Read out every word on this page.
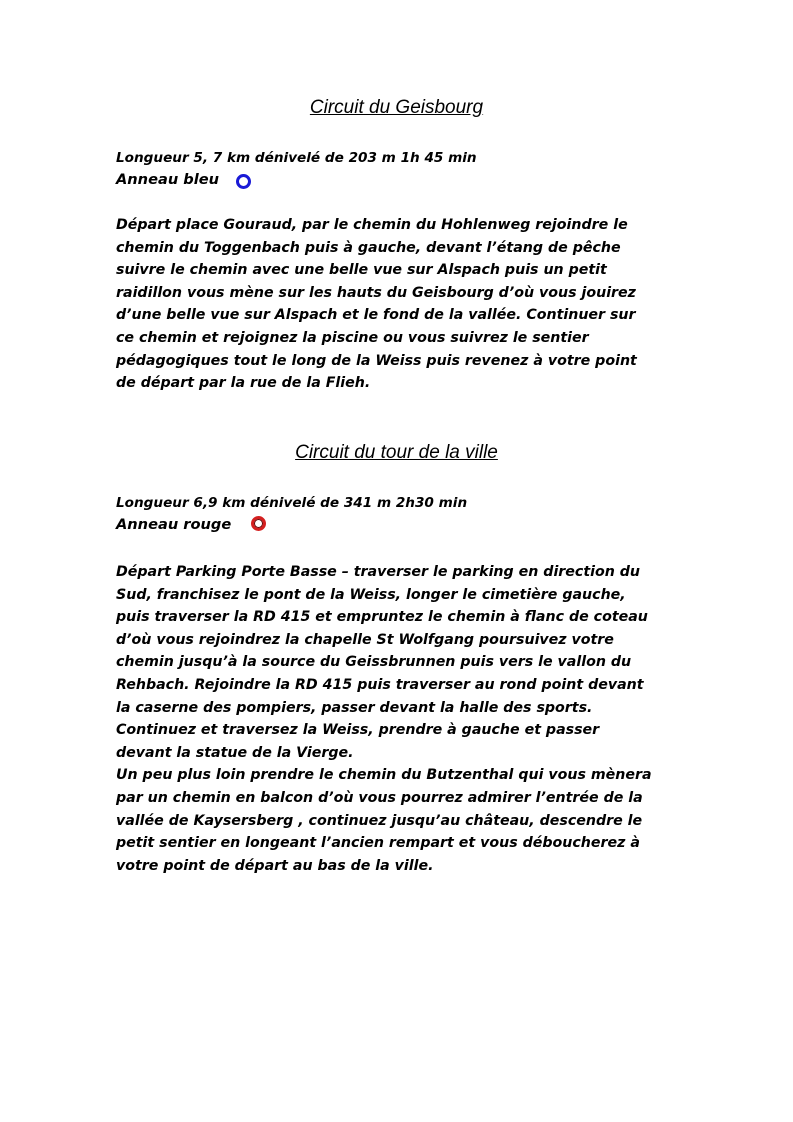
Circuit du Geisbourg
Longueur 5, 7 km dénivelé de 203 m 1h 45 min
Anneau bleu
Départ place Gouraud, par le chemin du Hohlenweg rejoindre le
chemin du Toggenbach puis à gauche, devant l’étang de pêche
suivre le chemin avec une belle vue sur Alspach puis un petit
raidillon vous mène sur les hauts du Geisbourg d’où vous jouirez
d’une belle vue sur Alspach et le fond de la vallée. Continuer sur
ce chemin et rejoignez la piscine ou vous suivrez le sentier
pédagogiques tout le long de la Weiss puis revenez à votre point
de départ par la rue de la Flieh.
Circuit du tour de la ville
Longueur 6,9 km dénivelé de 341 m 2h30 min
Anneau rouge
Départ Parking Porte Basse – traverser le parking en direction du
Sud, franchisez le pont de la Weiss, longer le cimetière gauche,
puis traverser la RD 415 et empruntez le chemin à flanc de coteau
d’où vous rejoindrez la chapelle St Wolfgang poursuivez votre
chemin jusqu’à la source du Geissbrunnen puis vers le vallon du
Rehbach. Rejoindre la RD 415 puis traverser au rond point devant
la caserne des pompiers, passer devant la halle des sports.
Continuez et traversez la Weiss, prendre à gauche et passer
devant la statue de la Vierge.
Un peu plus loin prendre le chemin du Butzenthal qui vous mènera
par un chemin en balcon d’où vous pourrez admirer l’entrée de la
vallée de Kaysersberg , continuez jusqu’au château, descendre le
petit sentier en longeant l’ancien rempart et vous déboucherez à
votre point de départ au bas de la ville.
